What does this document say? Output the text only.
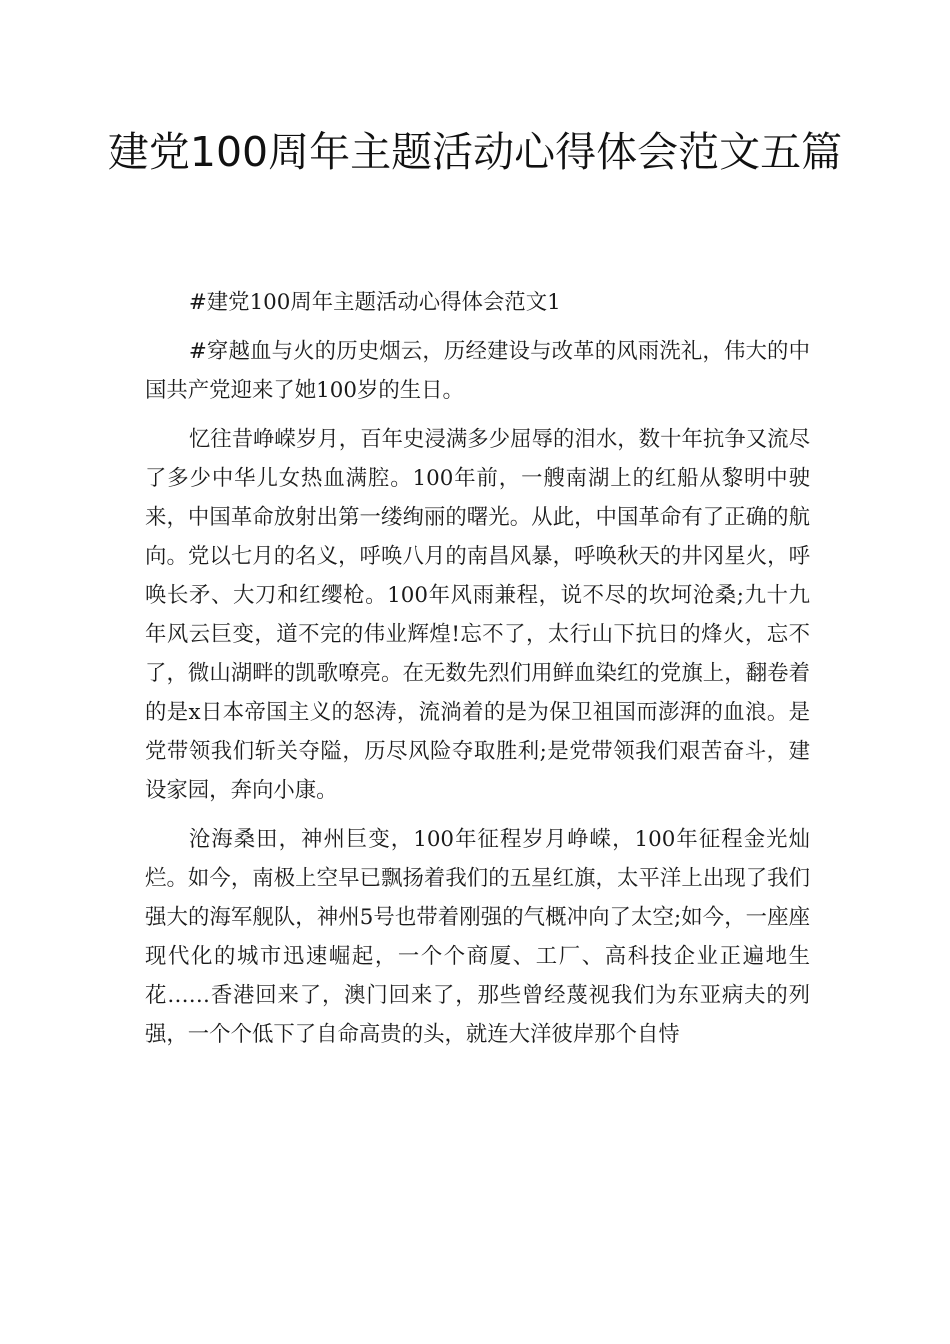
建党100周年主题活动心得体会范文五篇

#建党100周年主题活动心得体会范文1

#穿越血与火的历史烟云，历经建设与改革的风雨洗礼，伟大的中国共产党迎来了她100岁的生日。

忆往昔峥嵘岁月，百年史浸满多少屈辱的泪水，数十年抗争又流尽了多少中华儿女热血满腔。100年前，一艘南湖上的红船从黎明中驶来，中国革命放射出第一缕绚丽的曙光。从此，中国革命有了正确的航向。党以七月的名义，呼唤八月的南昌风暴，呼唤秋天的井冈星火，呼唤长矛、大刀和红缨枪。100年风雨兼程，说不尽的坎坷沧桑;九十九年风云巨变，道不完的伟业辉煌!忘不了，太行山下抗日的烽火，忘不了，微山湖畔的凯歌嘹亮。在无数先烈们用鲜血染红的党旗上，翻卷着的是x日本帝国主义的怒涛，流淌着的是为保卫祖国而澎湃的血浪。是党带领我们斩关夺隘，历尽风险夺取胜利;是党带领我们艰苦奋斗，建设家园，奔向小康。

沧海桑田，神州巨变，100年征程岁月峥嵘，100年征程金光灿烂。如今，南极上空早已飘扬着我们的五星红旗，太平洋上出现了我们强大的海军舰队，神州5号也带着刚强的气概冲向了太空;如今，一座座现代化的城市迅速崛起，一个个商厦、工厂、高科技企业正遍地生花……香港回来了，澳门回来了，那些曾经蔑视我们为东亚病夫的列强，一个个低下了自命高贵的头，就连大洋彼岸那个自恃
